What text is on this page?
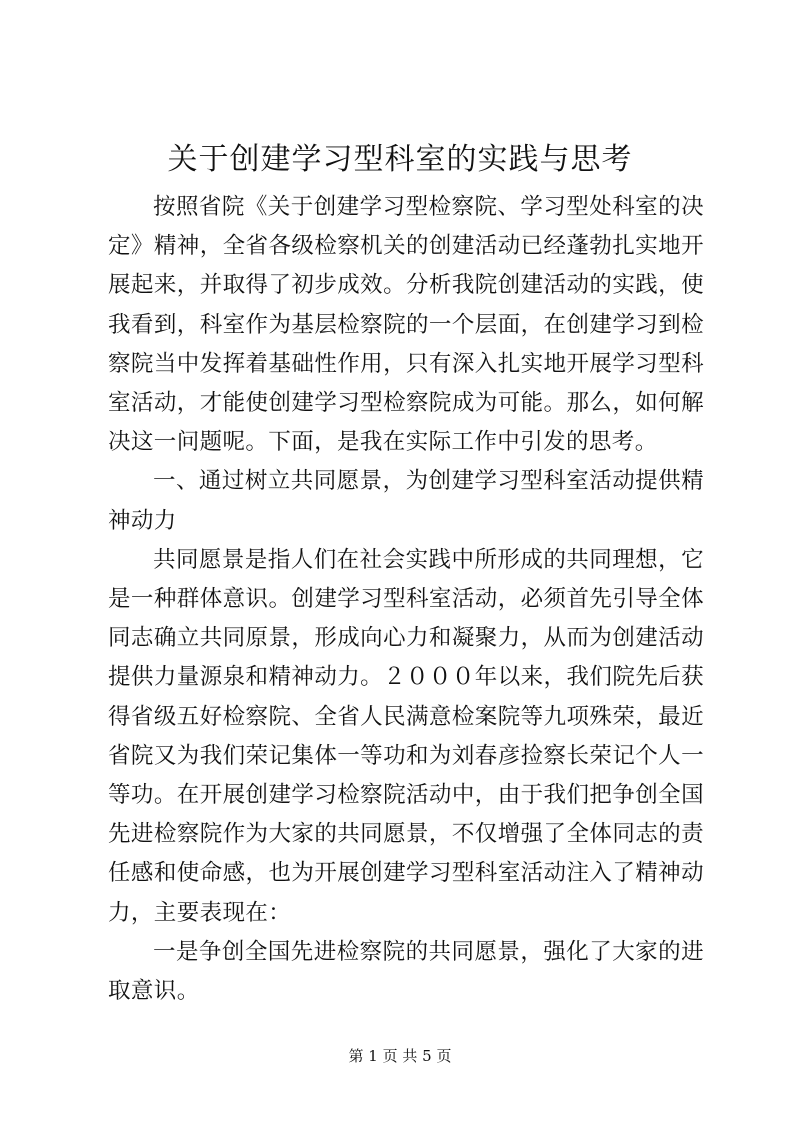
关于创建学习型科室的实践与思考

按照省院《关于创建学习型检察院、学习型处科室的决定》精神，全省各级检察机关的创建活动已经蓬勃扎实地开展起来，并取得了初步成效。分析我院创建活动的实践，使我看到，科室作为基层检察院的一个层面，在创建学习到检察院当中发挥着基础性作用，只有深入扎实地开展学习型科室活动，才能使创建学习型检察院成为可能。那么，如何解决这一问题呢。下面，是我在实际工作中引发的思考。

一、通过树立共同愿景，为创建学习型科室活动提供精神动力

共同愿景是指人们在社会实践中所形成的共同理想，它是一种群体意识。创建学习型科室活动，必须首先引导全体同志确立共同原景，形成向心力和凝聚力，从而为创建活动提供力量源泉和精神动力。２０００年以来，我们院先后获得省级五好检察院、全省人民满意检案院等九项殊荣，最近省院又为我们荣记集体一等功和为刘春彦捡察长荣记个人一等功。在开展创建学习检察院活动中，由于我们把争创全国先进检察院作为大家的共同愿景，不仅增强了全体同志的责任感和使命感，也为开展创建学习型科室活动注入了精神动力，主要表现在：

一是争创全国先进检察院的共同愿景，强化了大家的进取意识。

第 1 页 共 5 页
